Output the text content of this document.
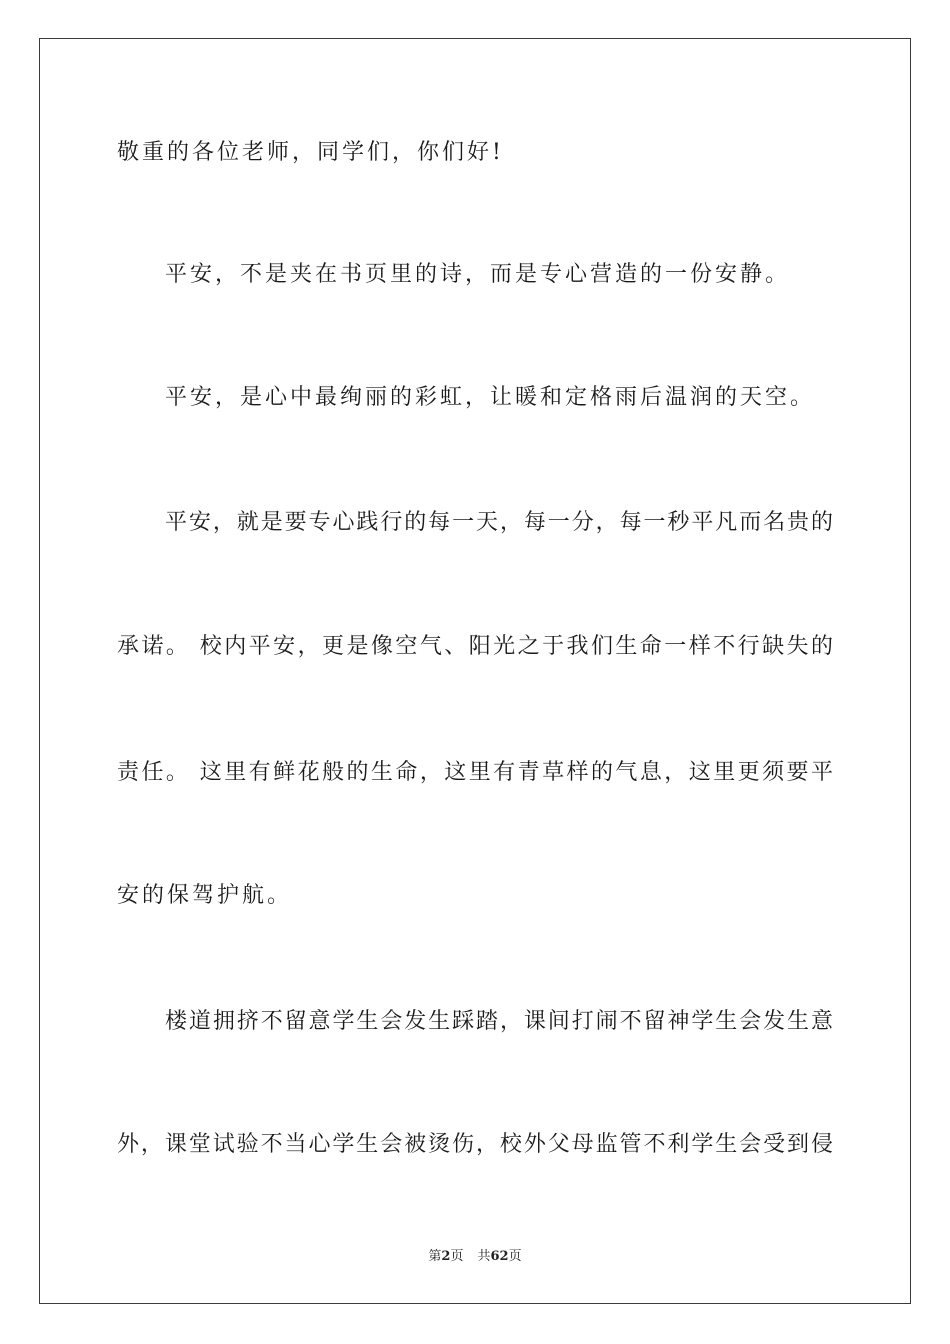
敬重的各位老师，同学们，你们好!
平安，不是夹在书页里的诗，而是专心营造的一份安静。
平安，是心中最绚丽的彩虹，让暖和定格雨后温润的天空。
平安，就是要专心践行的每一天，每一分，每一秒平凡而名贵的
承诺。 校内平安，更是像空气、阳光之于我们生命一样不行缺失的
责任。 这里有鲜花般的生命，这里有青草样的气息，这里更须要平
安的保驾护航。
楼道拥挤不留意学生会发生踩踏，课间打闹不留神学生会发生意
外，课堂试验不当心学生会被烫伤，校外父母监管不利学生会受到侵
第2页 共62页
